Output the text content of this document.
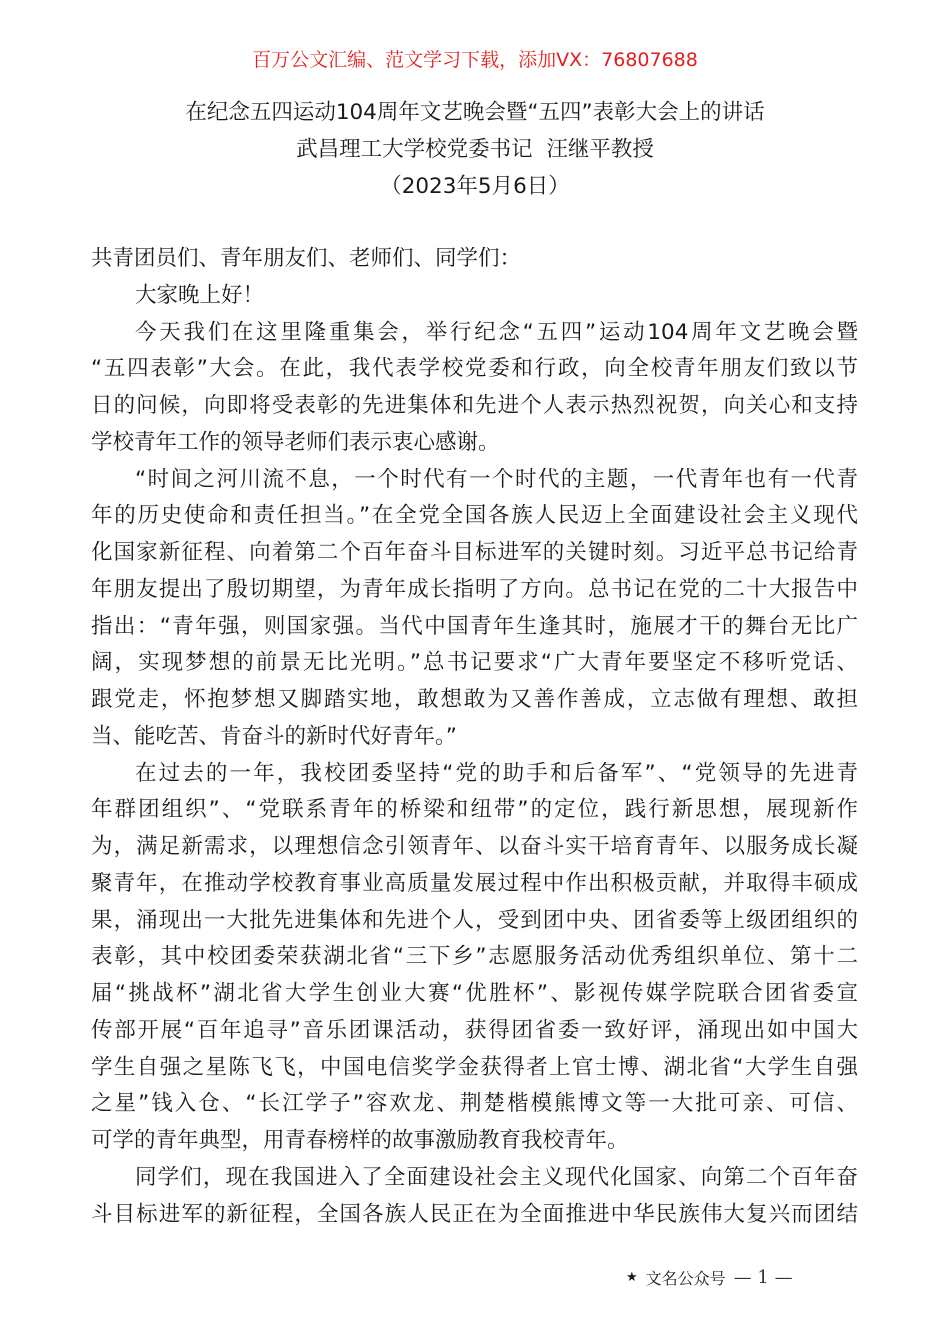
百万公文汇编、范文学习下载，添加VX：76807688
在纪念五四运动104周年文艺晚会暨“五四”表彰大会上的讲话
武昌理工大学校党委书记  汪继平教授
（2023年5月6日）
共青团员们、青年朋友们、老师们、同学们：
大家晚上好！
今天我们在这里隆重集会，举行纪念“五四”运动104周年文艺晚会暨
“五四表彰”大会。在此，我代表学校党委和行政，向全校青年朋友们致以节
日的问候，向即将受表彰的先进集体和先进个人表示热烈祝贺，向关心和支持
学校青年工作的领导老师们表示衷心感谢。
“时间之河川流不息，一个时代有一个时代的主题，一代青年也有一代青
年的历史使命和责任担当。”在全党全国各族人民迈上全面建设社会主义现代
化国家新征程、向着第二个百年奋斗目标进军的关键时刻。习近平总书记给青
年朋友提出了殷切期望，为青年成长指明了方向。总书记在党的二十大报告中
指出：“青年强，则国家强。当代中国青年生逢其时，施展才干的舞台无比广
阔，实现梦想的前景无比光明。”总书记要求“广大青年要坚定不移听党话、
跟党走，怀抱梦想又脚踏实地，敢想敢为又善作善成，立志做有理想、敢担
当、能吃苦、肯奋斗的新时代好青年。”
在过去的一年，我校团委坚持“党的助手和后备军”、“党领导的先进青
年群团组织”、“党联系青年的桥梁和纽带”的定位，践行新思想，展现新作
为，满足新需求，以理想信念引领青年、以奋斗实干培育青年、以服务成长凝
聚青年，在推动学校教育事业高质量发展过程中作出积极贡献，并取得丰硕成
果，涌现出一大批先进集体和先进个人，受到团中央、团省委等上级团组织的
表彰，其中校团委荣获湖北省“三下乡”志愿服务活动优秀组织单位、第十二
届“挑战杯”湖北省大学生创业大赛“优胜杯”、影视传媒学院联合团省委宣
传部开展“百年追寻”音乐团课活动，获得团省委一致好评，涌现出如中国大
学生自强之星陈飞飞，中国电信奖学金获得者上官士博、湖北省“大学生自强
之星”钱入仓、“长江学子”容欢龙、荆楚楷模熊博文等一大批可亲、可信、
可学的青年典型，用青春榜样的故事激励教育我校青年。
同学们，现在我国进入了全面建设社会主义现代化国家、向第二个百年奋
斗目标进军的新征程，全国各族人民正在为全面推进中华民族伟大复兴而团结
★ 文名公众号 — 1 —
